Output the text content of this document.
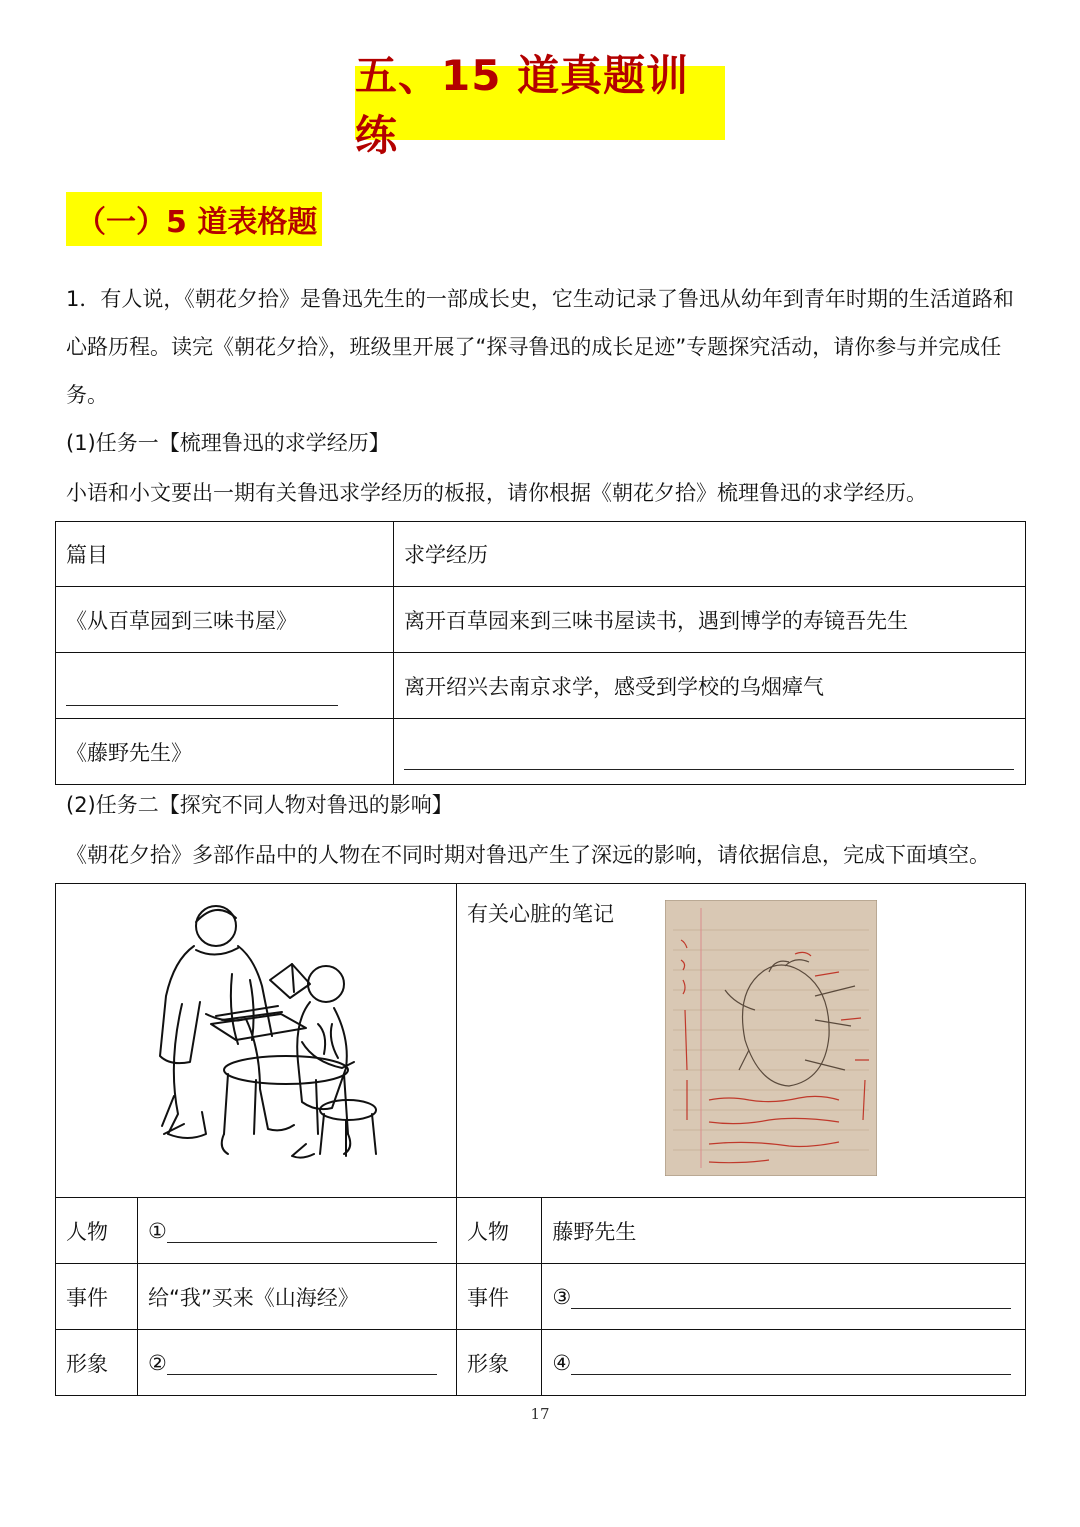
五、15 道真题训练
（一）5 道表格题

1．有人说，《朝花夕拾》是鲁迅先生的一部成长史，它生动记录了鲁迅从幼年到青年时期的生活道路和心路历程。读完《朝花夕拾》，班级里开展了“探寻鲁迅的成长足迹”专题探究活动，请你参与并完成任务。

(1)任务一【梳理鲁迅的求学经历】
小语和小文要出一期有关鲁迅求学经历的板报，请你根据《朝花夕拾》梳理鲁迅的求学经历。
篇目	求学经历
《从百草园到三味书屋》	离开百草园来到三味书屋读书，遇到博学的寿镜吾先生
	离开绍兴去南京求学，感受到学校的乌烟瘴气
《藤野先生》	
(2)任务二【探究不同人物对鲁迅的影响】
《朝花夕拾》多部作品中的人物在不同时期对鲁迅产生了深远的影响，请依据信息，完成下面填空。

有关心脏的笔记	

人物	①	人物	藤野先生
事件	给“我”买来《山海经》	事件	③
形象	②	形象	④
17
